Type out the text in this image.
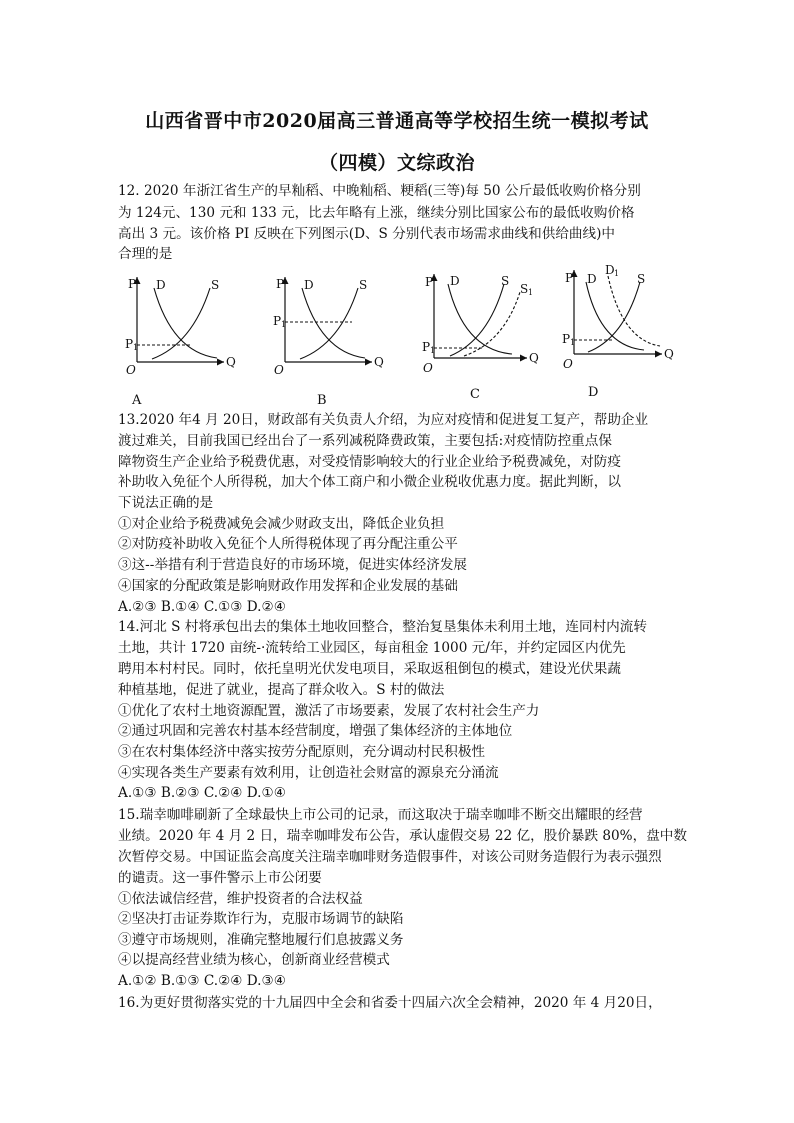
山西省晋中市2020届高三普通高等学校招生统一模拟考试
（四模）文综政治
12. 2020 年浙江省生产的早籼稻、中晚籼稻、粳稻(三等)每 50 公斤最低收购价格分别
为 124元、130 元和 133 元，比去年略有上涨，继续分别比国家公布的最低收购价格
高出 3 元。该价格 PI 反映在下列图示(D、S 分别代表市场需求曲线和供给曲线)中
合理的是
P D	S
P 1
O
Q
A
P D	S
P 1
O
Q
B
P D	S
S 1
P 1
O
Q
C
P D
D 1 S
P 1
O
Q
D
13.2020 年4 月 20日，财政部有关负责人介绍，为应对疫情和促进复工复产，帮助企业
渡过难关，目前我国已经出台了一系列减税降费政策，主要包括:对疫情防控重点保
障物资生产企业给予税费优惠，对受疫情影响较大的行业企业给予税费减免，对防疫
补助收入免征个人所得税，加大个体工商户和小微企业税收优惠力度。据此判断，以
下说法正确的是
①对企业给予税费减免会减少财政支出，降低企业负担
②对防疫补助收入免征个人所得税体现了再分配注重公平
③这--举措有利于营造良好的市场环境，促进实体经济发展
④国家的分配政策是影响财政作用发挥和企业发展的基础
A.②③ B.①④ C.①③ D.②④
14.河北 S 村将承包出去的集体土地收回整合，整治复垦集体未利用土地，连同村内流转
土地，共计 1720 亩统-·流转给工业园区，每亩租金 1000 元/年，并约定园区内优先
聘用本村村民。同时，依托皇明光伏发电项目，采取返租倒包的模式，建设光伏果蔬
种植基地，促进了就业，提高了群众收入。S 村的做法
①优化了农村土地资源配置，激活了市场要素，发展了农村社会生产力
②通过巩固和完善农村基本经营制度，增强了集体经济的主体地位
③在农村集体经济中落实按劳分配原则，充分调动村民积极性
④实现各类生产要素有效利用，让创造社会财富的源泉充分涌流
A.①③ B.②③ C.②④ D.①④
15.瑞幸咖啡刷新了全球最快上市公司的记录，而这取决于瑞幸咖啡不断交出耀眼的经营
业绩。2020 年 4 月 2 日，瑞幸咖啡发布公告，承认虚假交易 22 亿，股价暴跌 80%，盘中数
次暂停交易。中国证监会高度关注瑞幸咖啡财务造假事件，对该公司财务造假行为表示强烈
的谴责。这一事件警示上市公闭要
①依法诚信经营，维护投资者的合法权益
②坚决打击证券欺诈行为，克服市场调节的缺陷
③遵守市场规则，准确完整地履行们息披露义务
④以提高经营业绩为核心，创新商业经营模式
A.①② B.①③ C.②④ D.③④
16.为更好贯彻落实党的十九届四中全会和省委十四届六次全会精神，2020 年 4 月20日，
